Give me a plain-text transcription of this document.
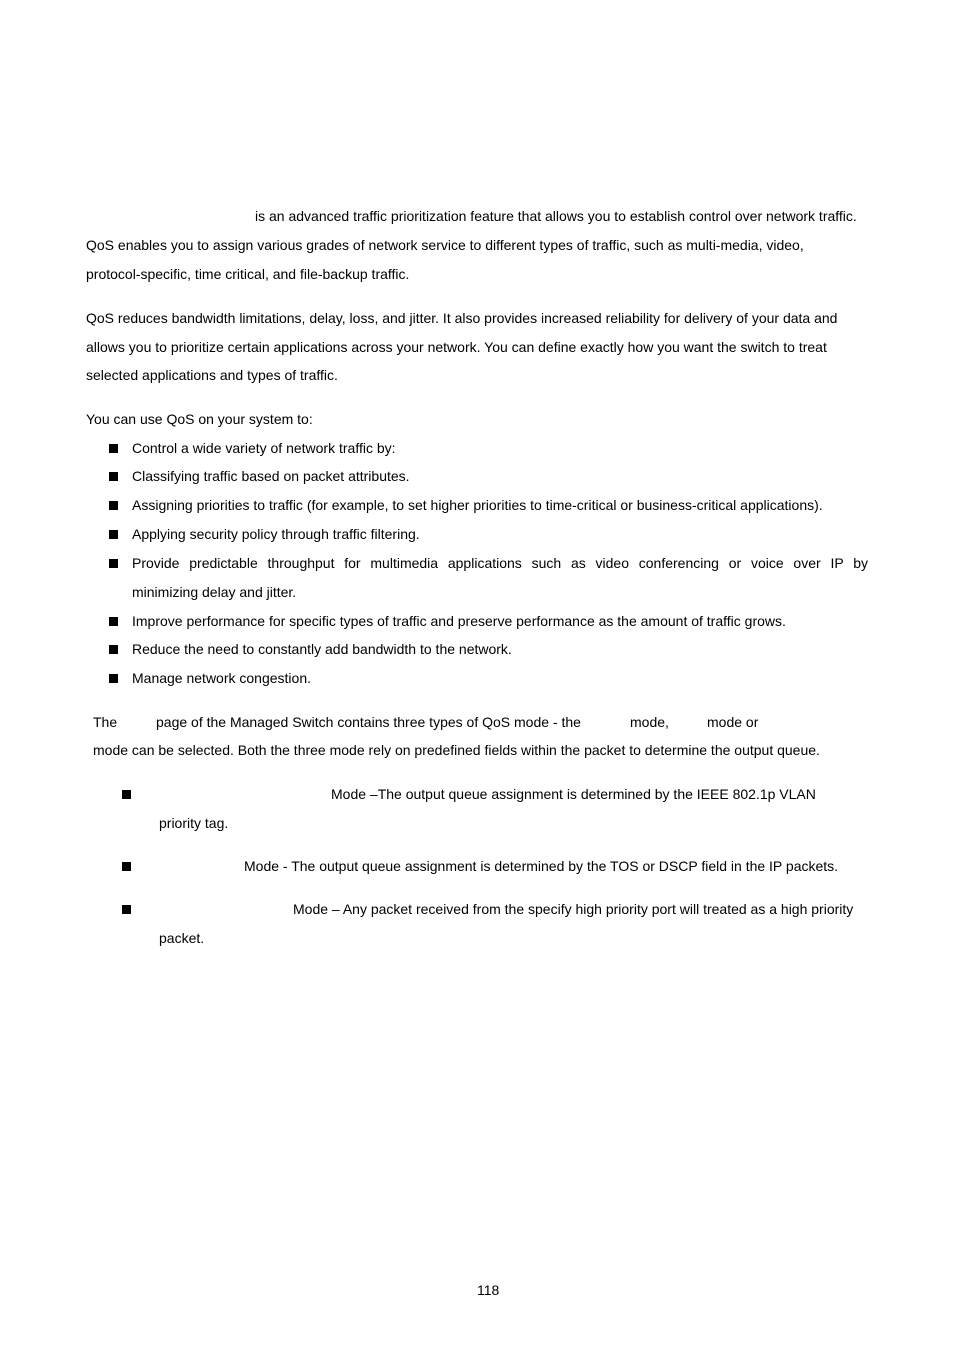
is an advanced traffic prioritization feature that allows you to establish control over network traffic.
QoS enables you to assign various grades of network service to different types of traffic, such as multi-media, video,
protocol-specific, time critical, and file-backup traffic.
QoS reduces bandwidth limitations, delay, loss, and jitter. It also provides increased reliability for delivery of your data and
allows you to prioritize certain applications across your network. You can define exactly how you want the switch to treat
selected applications and types of traffic.
You can use QoS on your system to:
Control a wide variety of network traffic by:
Classifying traffic based on packet attributes.
Assigning priorities to traffic (for example, to set higher priorities to time-critical or business-critical applications).
Applying security policy through traffic filtering.
Provide predictable throughput for multimedia applications such as video conferencing or voice over IP by
minimizing delay and jitter.
Improve performance for specific types of traffic and preserve performance as the amount of traffic grows.
Reduce the need to constantly add bandwidth to the network.
Manage network congestion.
The	page of the Managed Switch contains three types of QoS mode - the	mode,	mode or
mode can be selected. Both the three mode rely on predefined fields within the packet to determine the output queue.
Mode –The output queue assignment is determined by the IEEE 802.1p VLAN
priority tag.
Mode - The output queue assignment is determined by the TOS or DSCP field in the IP packets.
Mode – Any packet received from the specify high priority port will treated as a high priority
packet.
118
